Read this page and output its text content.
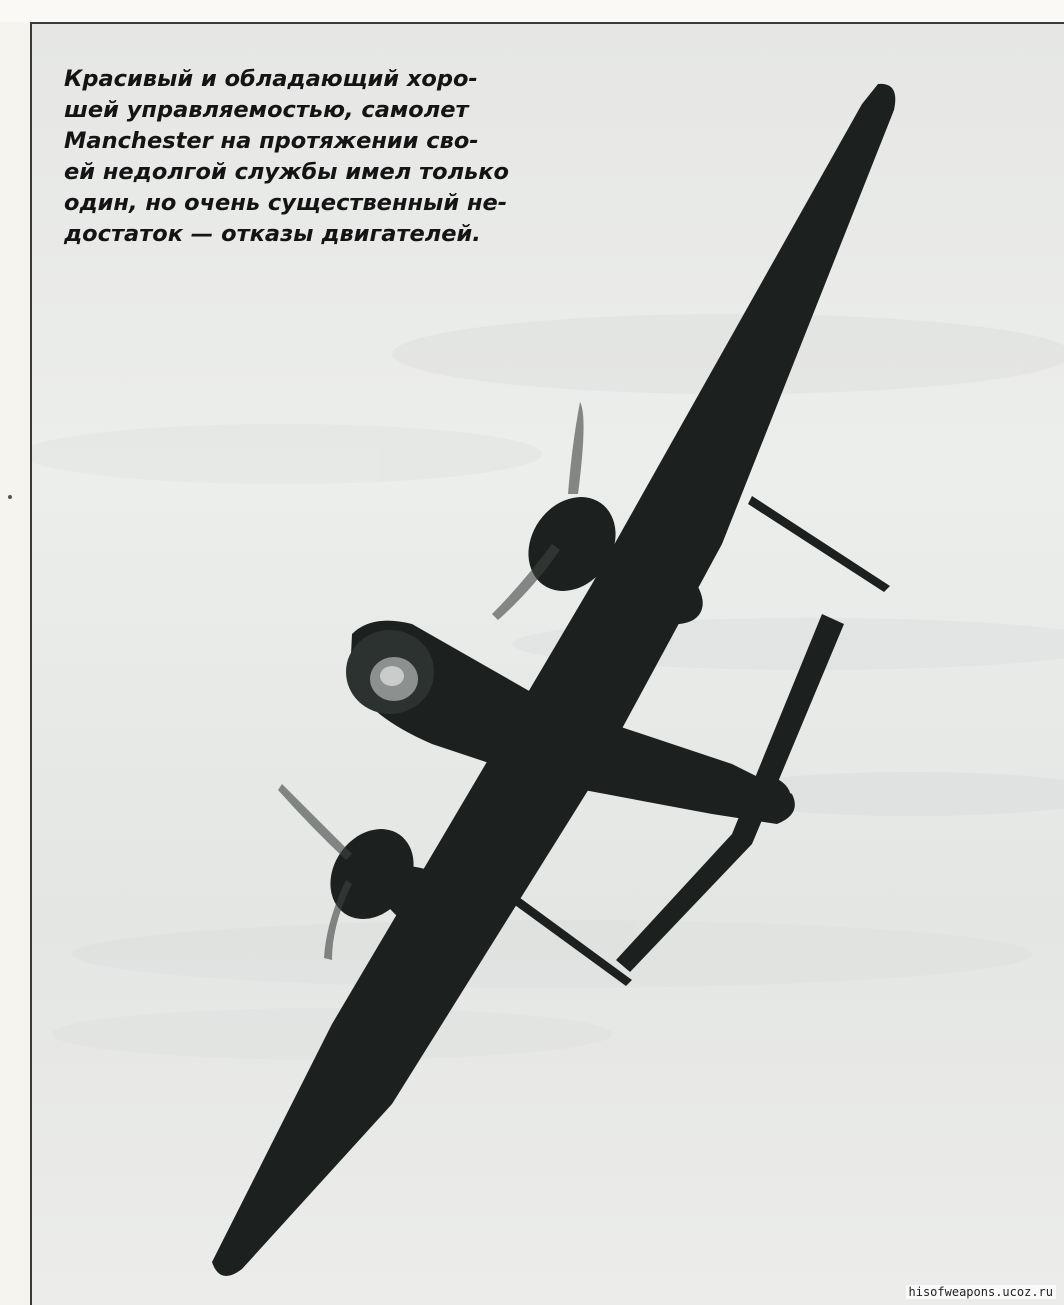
Красивый и обладающий хоро-
шей управляемостью, самолет
Manchester на протяжении сво-
ей недолгой службы имел только
один, но очень существенный не-
достаток — отказы двигателей.

hisofweapons.ucoz.ru
